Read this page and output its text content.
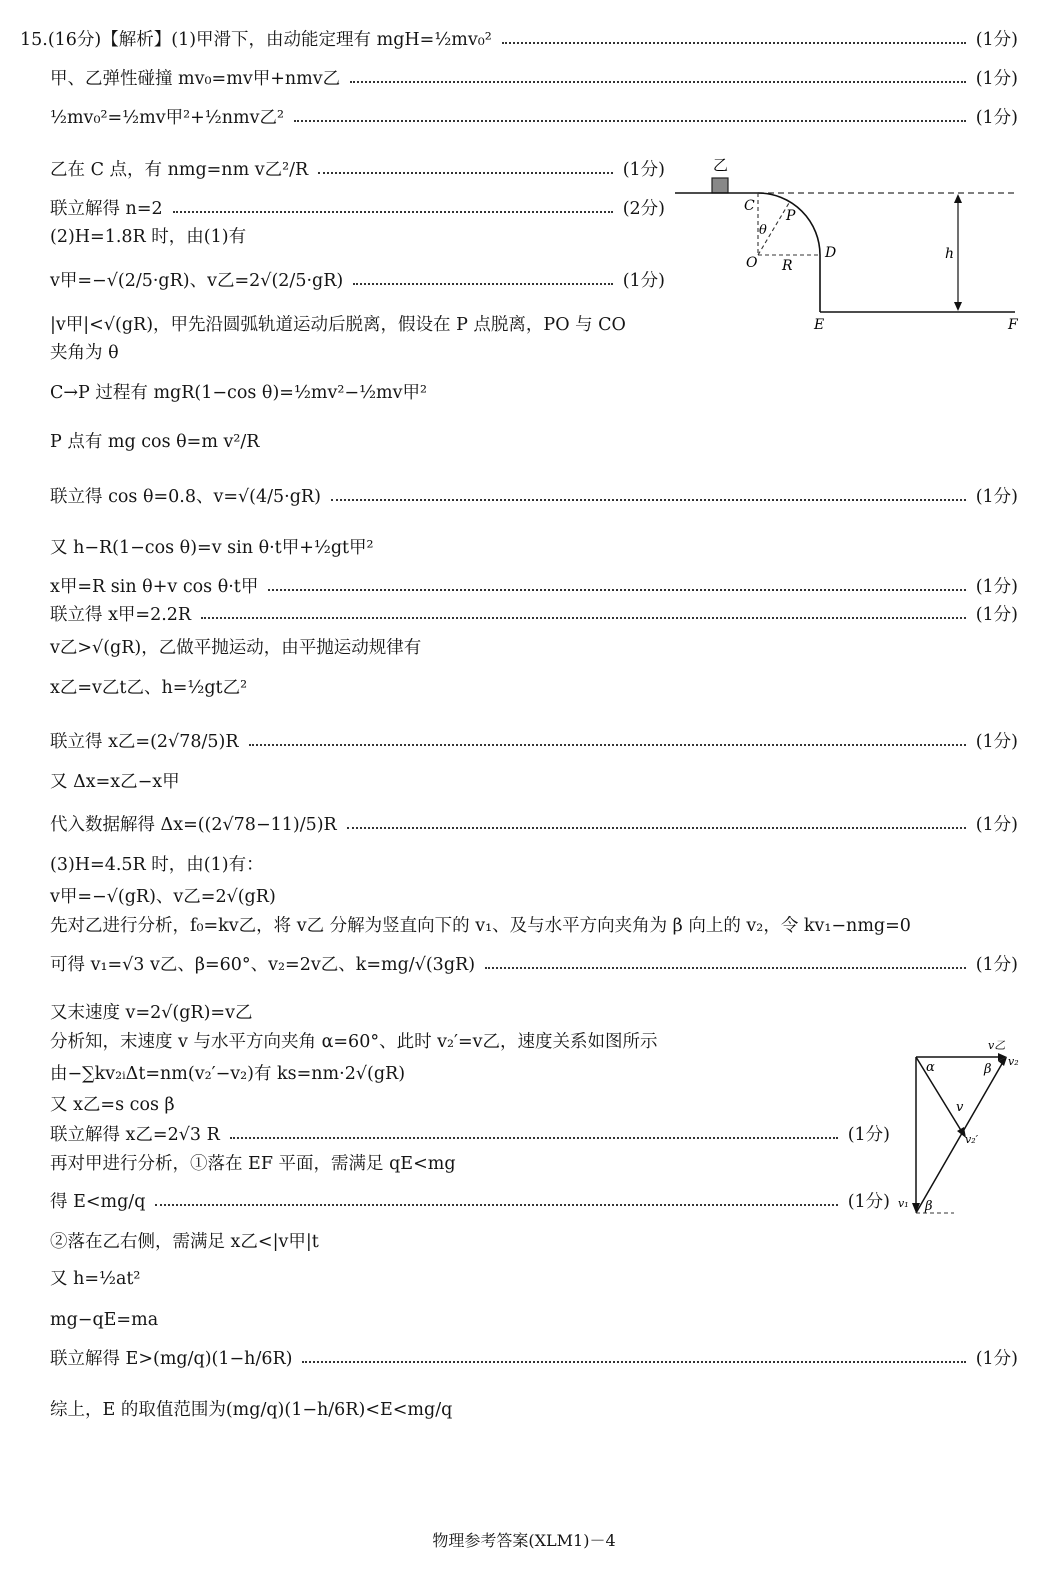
15.(16分)【解析】(1)甲滑下，由动能定理有 mgH=½mv₀²	(1分)
甲、乙弹性碰撞 mv₀=mv甲+nmv乙	(1分)
½mv₀²=½mv甲²+½nmv乙²	(1分)
乙在 C 点，有 nmg=nm v乙²/R	(1分)
联立解得 n=2	(2分)
(2)H=1.8R 时，由(1)有
v甲=−√(2/5·gR)、v乙=2√(2/5·gR)	(1分)
|v甲|<√(gR)，甲先沿圆弧轨道运动后脱离，假设在 P 点脱离，PO 与 CO
夹角为 θ
C→P 过程有 mgR(1−cos θ)=½mv²−½mv甲²
P 点有 mg cos θ=m v²/R
联立得 cos θ=0.8、v=√(4/5·gR)	(1分)
又 h−R(1−cos θ)=v sin θ·t甲+½gt甲²
x甲=R sin θ+v cos θ·t甲	(1分)
联立得 x甲=2.2R	(1分)
v乙>√(gR)，乙做平抛运动，由平抛运动规律有
x乙=v乙t乙、h=½gt乙²
联立得 x乙=(2√78/5)R	(1分)
又 Δx=x乙−x甲
代入数据解得 Δx=((2√78−11)/5)R	(1分)
(3)H=4.5R 时，由(1)有：
v甲=−√(gR)、v乙=2√(gR)
先对乙进行分析，f₀=kv乙，将 v乙 分解为竖直向下的 v₁、及与水平方向夹角为 β 向上的 v₂，令 kv₁−nmg=0
可得 v₁=√3 v乙、β=60°、v₂=2v乙、k=mg/√(3gR)	(1分)
又末速度 v=2√(gR)=v乙
分析知，末速度 v 与水平方向夹角 α=60°、此时 v₂′=v乙，速度关系如图所示
由−∑kv₂ᵢΔt=nm(v₂′−v₂)有 ks=nm·2√(gR)
又 x乙=s cos β
联立解得 x乙=2√3 R	(1分)
再对甲进行分析，①落在 EF 平面，需满足 qE<mg
得 E<mg/q	(1分)
②落在乙右侧，需满足 x乙<|v甲|t
又 h=½at²
mg−qE=ma
联立解得 E>(mg/q)(1−h/6R)	(1分)
综上，E 的取值范围为(mg/q)(1−h/6R)<E<mg/q
乙
C
P
θ
O R
D	h
E	F
v乙
v₂
α	β
v
v₂′
v₁ β
物理参考答案(XLM1)－4
